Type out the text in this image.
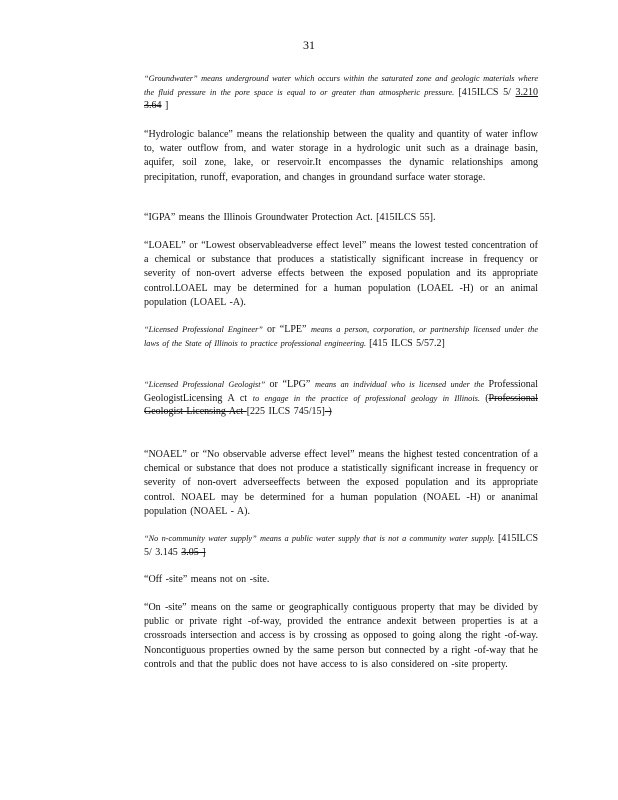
31

“Groundwater” means underground water which occurs within the saturated zone and geologic materials where the fluid pressure in the pore space is equal to or greater than atmospheric pressure. [415ILCS 5/ 3.210 3.64 ]

“Hydrologic balance” means the relationship between the quality and quantity of water inflow to, water outflow from, and water storage in a hydrologic unit such as a drainage basin, aquifer, soil zone, lake, or reservoir.It encompasses the dynamic relationships among precipitation, runoff, evaporation, and changes in groundand surface water storage.

“IGPA” means the Illinois Groundwater Protection Act. [415ILCS 55].

“LOAEL” or “Lowest observableadverse effect level” means the lowest tested concentration of a chemical or substance that produces a statistically significant increase in frequency or severity of non-overt adverse effects between the exposed population and its appropriate control.LOAEL may be determined for a human population (LOAEL -H) or an animal population (LOAEL -A).

“Licensed Professional Engineer” or “LPE” means a person, corporation, or partnership licensed under the laws of the State of Illinois to practice professional engineering. [415 ILCS 5/57.2]

“Licensed Professional Geologist” or “LPG” means an individual who is licensed under the Professional GeologistLicensing A ct to engage in the practice of professional geology in Illinois. (Professional Geologist Licensing Act [225 ILCS 745/15] )

“NOAEL” or “No observable adverse effect level” means the highest tested concentration of a chemical or substance that does not produce a statistically significant increase in frequency or severity of non-overt adverseeffects between the exposed population and its appropriate control. NOAEL may be determined for a human population (NOAEL -H) or ananimal population (NOAEL - A).

“No n-community water supply” means a public water supply that is not a community water supply. [415ILCS 5/ 3.145 3.05 ]

“Off -site” means not on -site.

“On -site” means on the same or geographically contiguous property that may be divided by public or private right -of-way, provided the entrance andexit between properties is at a crossroads intersection and access is by crossing as opposed to going along the right -of-way. Noncontiguous properties owned by the same person but connected by a right -of-way that he controls and that the public does not have access to is also considered on -site property.
